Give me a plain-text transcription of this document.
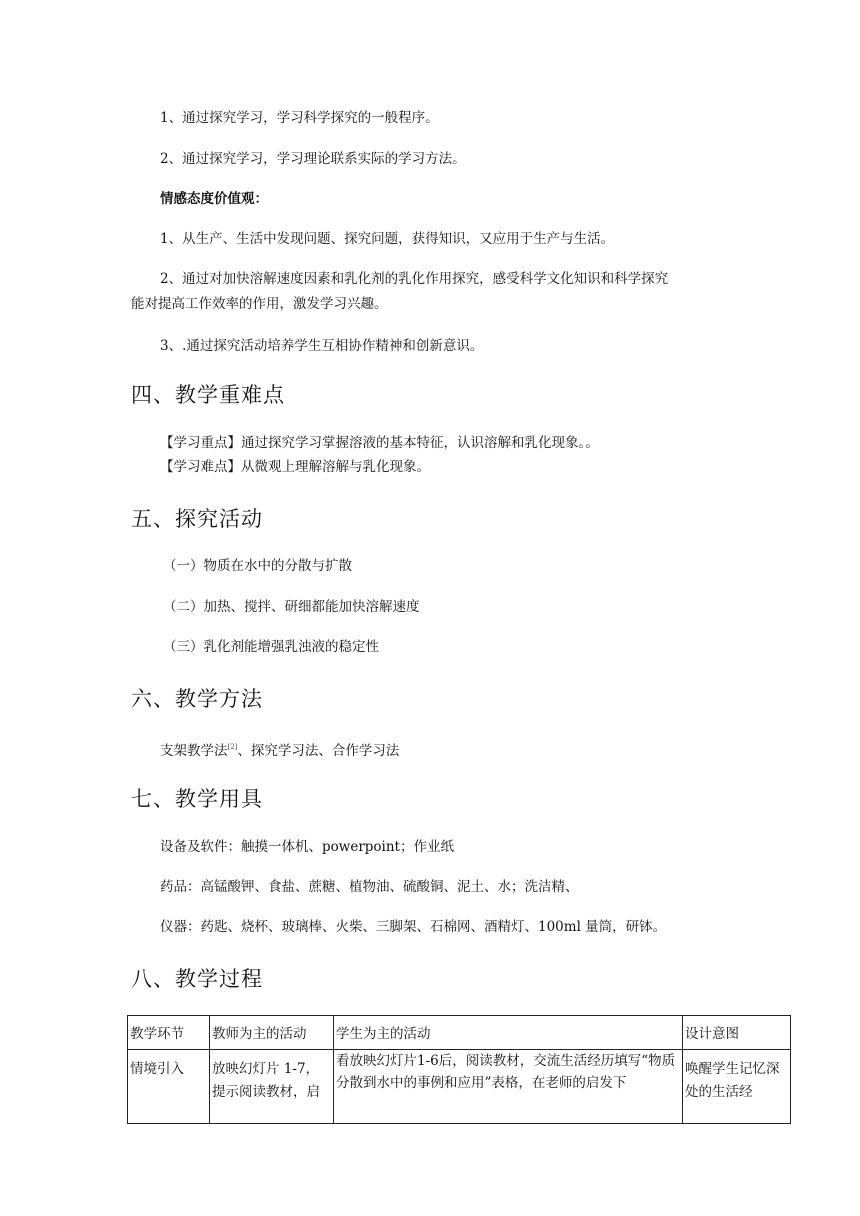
1、通过探究学习，学习科学探究的一般程序。
2、通过探究学习，学习理论联系实际的学习方法。
情感态度价值观：
1、从生产、生活中发现问题、探究问题，获得知识，又应用于生产与生活。
2、通过对加快溶解速度因素和乳化剂的乳化作用探究，感受科学文化知识和科学探究
能对提高工作效率的作用，激发学习兴趣。
3、.通过探究活动培养学生互相协作精神和创新意识。
四、教学重难点
【学习重点】通过探究学习掌握溶液的基本特征，认识溶解和乳化现象。。
【学习难点】从微观上理解溶解与乳化现象。
五、探究活动
（一）物质在水中的分散与扩散
（二）加热、搅拌、研细都能加快溶解速度
（三）乳化剂能增强乳浊液的稳定性
六、教学方法
支架教学法[2]、探究学习法、合作学习法
七、教学用具
设备及软件：触摸一体机、powerpoint；作业纸
药品：高锰酸钾、食盐、蔗糖、植物油、硫酸铜、泥土、水；洗洁精、
仪器：药匙、烧杯、玻璃棒、火柴、三脚架、石棉网、酒精灯、100ml 量筒，研钵。
八、教学过程
教学环节	教师为主的活动	学生为主的活动	设计意图
情境引入	放映幻灯片 1-7，提示阅读教材，启	看放映幻灯片1-6后，阅读教材，交流生活经历填写“物质分散到水中的事例和应用”表格，在老师的启发下	唤醒学生记忆深处的生活经
